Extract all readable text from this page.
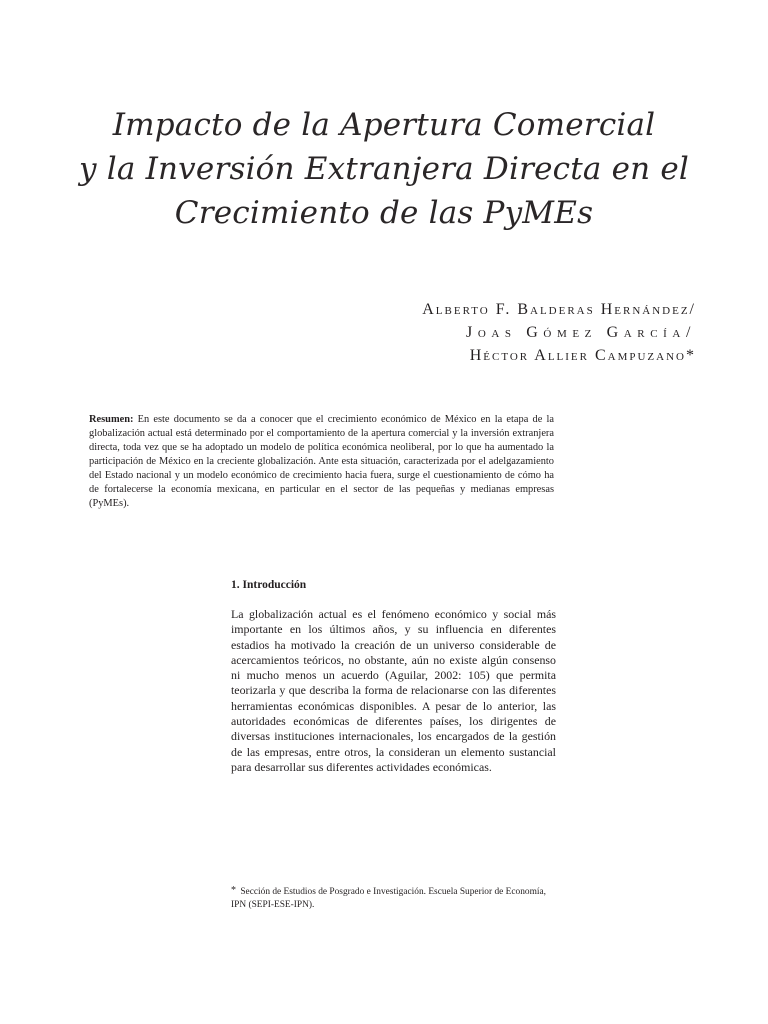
Impacto de la Apertura Comercial
y la Inversión Extranjera Directa en el
Crecimiento de las PyMEs
Alberto F. Balderas Hernández/
Joas Gómez García/
Héctor Allier Campuzano*

Resumen: En este documento se da a conocer que el crecimiento económico de México en la etapa de la globalización actual está determinado por el comportamiento de la apertura comercial y la inversión extranjera directa, toda vez que se ha adoptado un modelo de política económica neoliberal, por lo que ha aumentado la participación de México en la creciente globalización. Ante esta situación, caracterizada por el adelgazamiento del Estado nacional y un modelo económico de crecimiento hacia fuera, surge el cuestionamiento de cómo ha de fortalecerse la economía mexicana, en particular en el sector de las pequeñas y medianas empresas (PyMEs).

1. Introducción

La globalización actual es el fenómeno económico y social más importante en los últimos años, y su influencia en diferentes estadios ha motivado la creación de un universo considerable de acercamientos teóricos, no obstante, aún no existe algún consenso ni mucho menos un acuerdo (Aguilar, 2002: 105) que permita teorizarla y que describa la forma de relacionarse con las diferentes herramientas económicas disponibles. A pesar de lo anterior, las autoridades económicas de diferentes países, los dirigentes de diversas instituciones internacionales, los encargados de la gestión de las empresas, entre otros, la consideran un elemento sustancial para desarrollar sus diferentes actividades económicas.

* Sección de Estudios de Posgrado e Investigación. Escuela Superior de Economía, IPN (SEPI-ESE-IPN).
